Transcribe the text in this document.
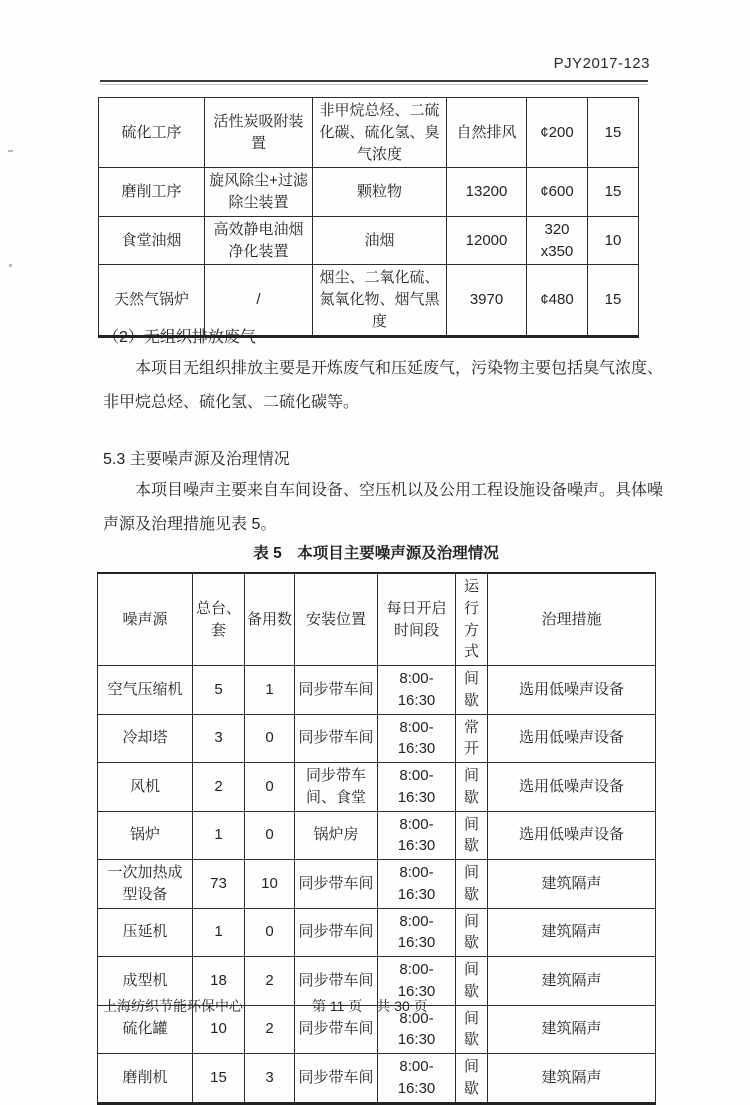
PJY2017-123
硫化工序	活性炭吸附装置	非甲烷总烃、二硫化碳、硫化氢、臭气浓度	自然排风	¢200	15
磨削工序	旋风除尘+过滤除尘装置	颗粒物	13200	¢600	15
食堂油烟	高效静电油烟净化装置	油烟	12000	320 x350	10
天然气锅炉	/	烟尘、二氧化硫、氮氧化物、烟气黑度	3970	¢480	15
（2）无组织排放废气
本项目无组织排放主要是开炼废气和压延废气，污染物主要包括臭气浓度、
非甲烷总烃、硫化氢、二硫化碳等。
5.3 主要噪声源及治理情况
本项目噪声主要来自车间设备、空压机以及公用工程设施设备噪声。具体噪
声源及治理措施见表 5。
表 5　本项目主要噪声源及治理情况
噪声源	总台、套	备用数	安装位置	每日开启时间段	运行方式	治理措施
空气压缩机	5	1	同步带车间	8:00-16:30	间歇	选用低噪声设备
冷却塔	3	0	同步带车间	8:00-16:30	常开	选用低噪声设备
风机	2	0	同步带车间、食堂	8:00-16:30	间歇	选用低噪声设备
锅炉	1	0	锅炉房	8:00-16:30	间歇	选用低噪声设备
一次加热成型设备	73	10	同步带车间	8:00-16:30	间歇	建筑隔声
压延机	1	0	同步带车间	8:00-16:30	间歇	建筑隔声
成型机	18	2	同步带车间	8:00-16:30	间歇	建筑隔声
硫化罐	10	2	同步带车间	8:00-16:30	间歇	建筑隔声
磨削机	15	3	同步带车间	8:00-16:30	间歇	建筑隔声
上海纺织节能环保中心	第 11 页　共 30 页
